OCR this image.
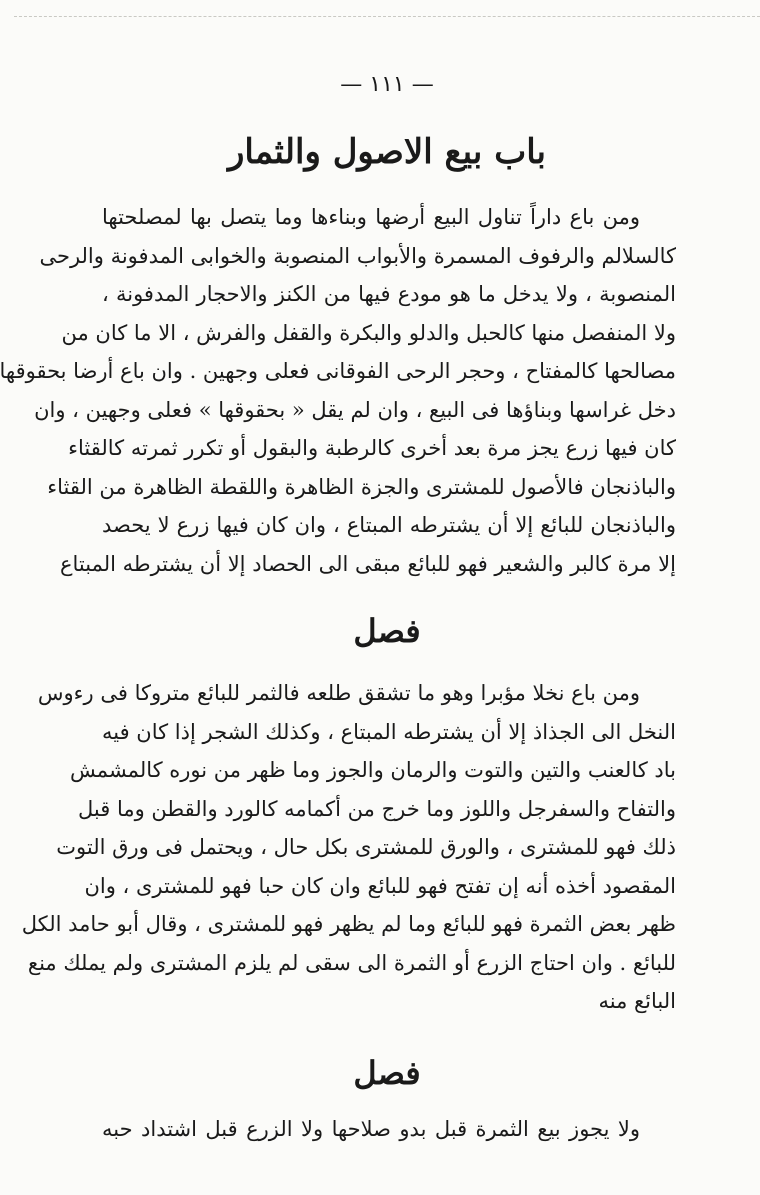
— ١١١ —
باب بيع الاصول والثمار

ومن باع داراً تناول البيع أرضها وبناءها وما يتصل بها لمصلحتها
كالسلالم والرفوف المسمرة والأبواب المنصوبة والخوابى المدفونة والرحى
المنصوبة ، ولا يدخل ما هو مودع فيها من الكنز والاحجار المدفونة ،
ولا المنفصل منها كالحبل والدلو والبكرة والقفل والفرش ، الا ما كان من
مصالحها كالمفتاح ، وحجر الرحى الفوقانى فعلى وجهين . وان باع أرضا بحقوقها
دخل غراسها وبناؤها فى البيع ، وان لم يقل « بحقوقها » فعلى وجهين ، وان
كان فيها زرع يجز مرة بعد أخرى كالرطبة والبقول أو تكرر ثمرته كالقثاء
والباذنجان فالأصول للمشترى والجزة الظاهرة واللقطة الظاهرة من القثاء
والباذنجان للبائع إلا أن يشترطه المبتاع ، وان كان فيها زرع لا يحصد
إلا مرة كالبر والشعير فهو للبائع مبقى الى الحصاد إلا أن يشترطه المبتاع

فصل

ومن باع نخلا مؤبرا وهو ما تشقق طلعه فالثمر للبائع متروكا فى رءوس
النخل الى الجذاذ إلا أن يشترطه المبتاع ، وكذلك الشجر إذا كان فيه
باد كالعنب والتين والتوت والرمان والجوز وما ظهر من نوره كالمشمش
والتفاح والسفرجل واللوز وما خرج من أكمامه كالورد والقطن وما قبل
ذلك فهو للمشترى ، والورق للمشترى بكل حال ، ويحتمل فى ورق التوت
المقصود أخذه أنه إن تفتح فهو للبائع وان كان حبا فهو للمشترى ، وان
ظهر بعض الثمرة فهو للبائع وما لم يظهر فهو للمشترى ، وقال أبو حامد الكل
للبائع . وان احتاج الزرع أو الثمرة الى سقى لم يلزم المشترى ولم يملك منع
البائع منه

فصل

ولا يجوز بيع الثمرة قبل بدو صلاحها ولا الزرع قبل اشتداد حبه
